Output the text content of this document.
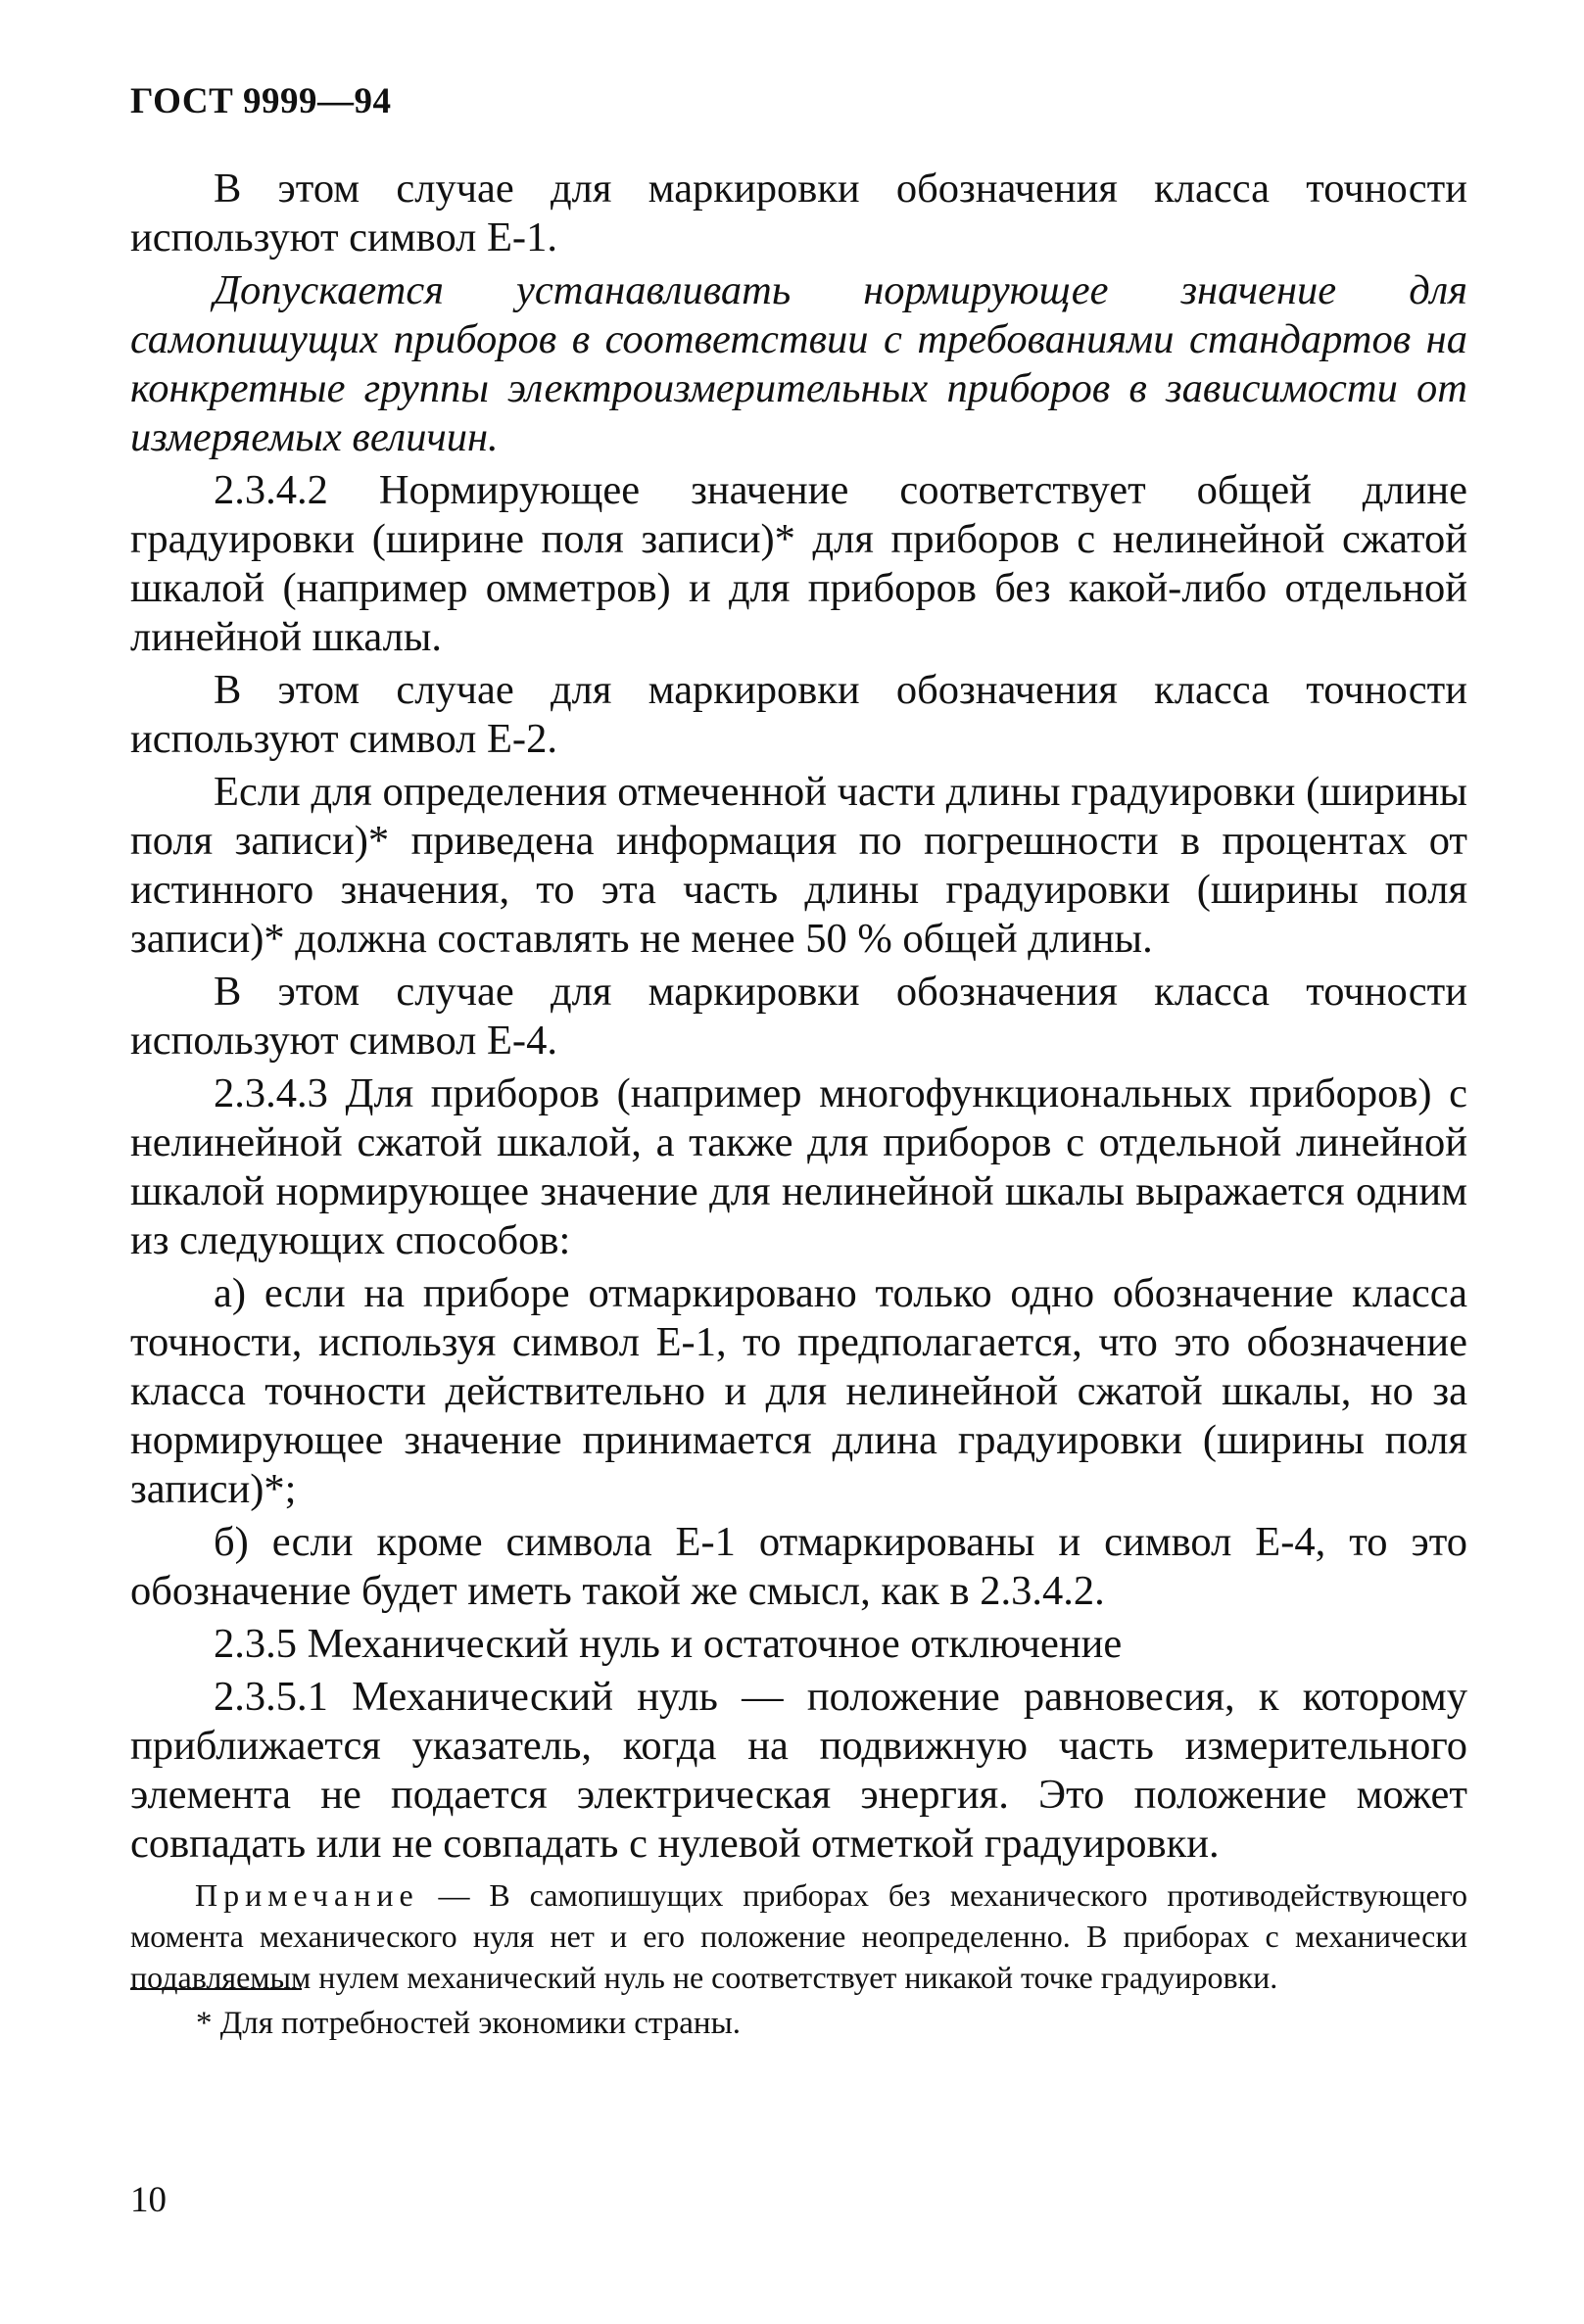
ГОСТ 9999—94

В этом случае для маркировки обозначения класса точности используют символ Е-1.

Допускается устанавливать нормирующее значение для самопишущих приборов в соответствии с требованиями стандартов на конкретные группы электроизмерительных приборов в зависимости от измеряемых величин.

2.3.4.2 Нормирующее значение соответствует общей длине градуировки (ширине поля записи)* для приборов с нелинейной сжатой шкалой (например омметров) и для приборов без какой-либо отдельной линейной шкалы.

В этом случае для маркировки обозначения класса точности используют символ Е-2.

Если для определения отмеченной части длины градуировки (ширины поля записи)* приведена информация по погрешности в процентах от истинного значения, то эта часть длины градуировки (ширины поля записи)* должна составлять не менее 50 % общей длины.

В этом случае для маркировки обозначения класса точности используют символ Е-4.

2.3.4.3 Для приборов (например многофункциональных приборов) с нелинейной сжатой шкалой, а также для приборов с отдельной линейной шкалой нормирующее значение для нелинейной шкалы выражается одним из следующих способов:

а) если на приборе отмаркировано только одно обозначение класса точности, используя символ Е-1, то предполагается, что это обозначение класса точности действительно и для нелинейной сжатой шкалы, но за нормирующее значение принимается длина градуировки (ширины поля записи)*;

б) если кроме символа Е-1 отмаркированы и символ Е-4, то это обозначение будет иметь такой же смысл, как в 2.3.4.2.

2.3.5 Механический нуль и остаточное отключение

2.3.5.1 Механический нуль — положение равновесия, к которому приближается указатель, когда на подвижную часть измерительного элемента не подается электрическая энергия. Это положение может совпадать или не совпадать с нулевой отметкой градуировки.

Примечание — В самопишущих приборах без механического противодействующего момента механического нуля нет и его положение неопределенно. В приборах с механически подавляемым нулем механический нуль не соответствует никакой точке градуировки.

* Для потребностей экономики страны.

10
